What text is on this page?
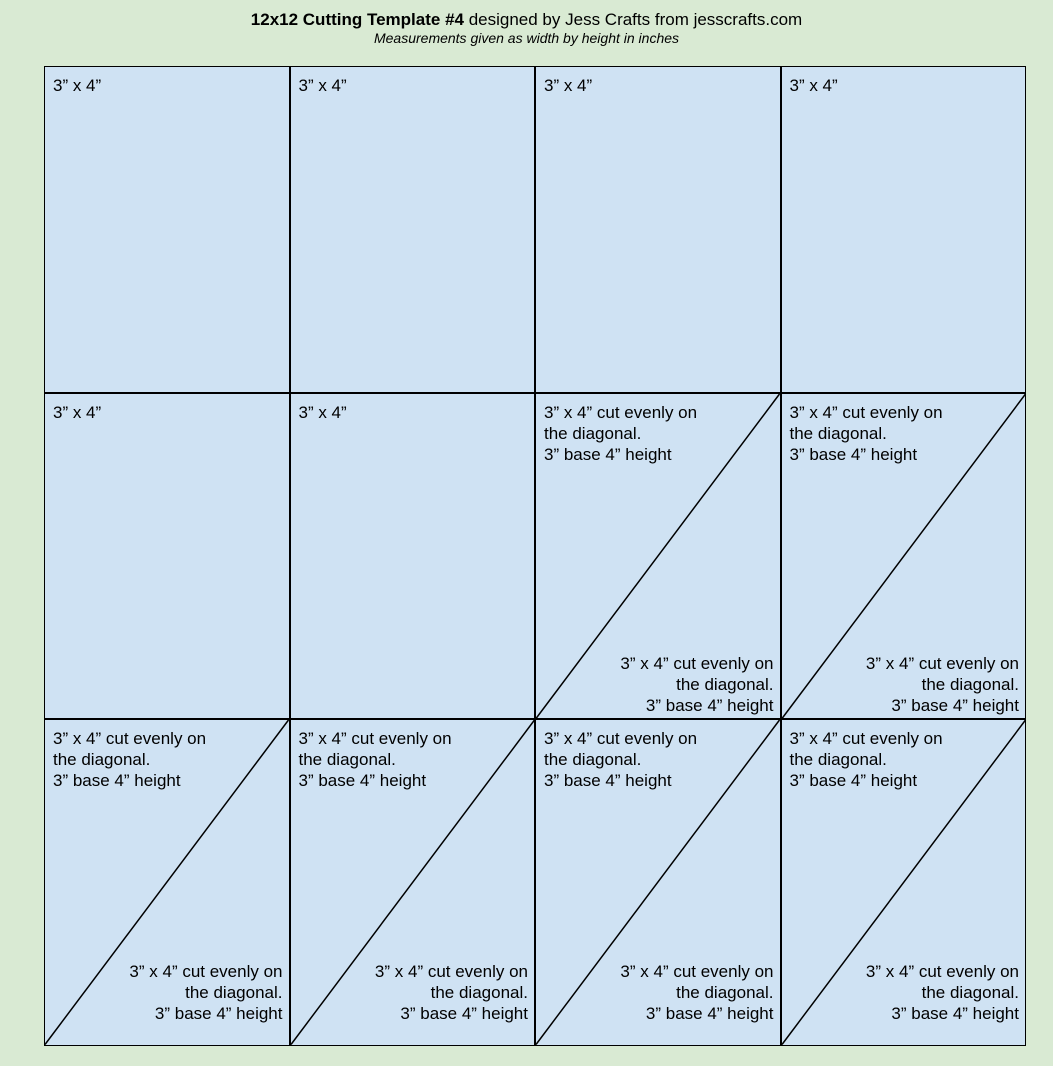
12x12 Cutting Template #4 designed by Jess Crafts from jesscrafts.com
Measurements given as width by height in inches
3” x 4”	3” x 4”	3” x 4”	3” x 4”
3” x 4”	3” x 4”	3” x 4” cut evenly on
the diagonal.
3” base 4” height
3” x 4” cut evenly on
the diagonal.
3” base 4” height
3” x 4” cut evenly on
the diagonal.
3” base 4” height
3” x 4” cut evenly on
the diagonal.
3” base 4” height
3” x 4” cut evenly on
the diagonal.
3” base 4” height
3” x 4” cut evenly on
the diagonal.
3” base 4” height
3” x 4” cut evenly on
the diagonal.
3” base 4” height
3” x 4” cut evenly on
the diagonal.
3” base 4” height
3” x 4” cut evenly on
the diagonal.
3” base 4” height
3” x 4” cut evenly on
the diagonal.
3” base 4” height
3” x 4” cut evenly on
the diagonal.
3” base 4” height
3” x 4” cut evenly on
the diagonal.
3” base 4” height
